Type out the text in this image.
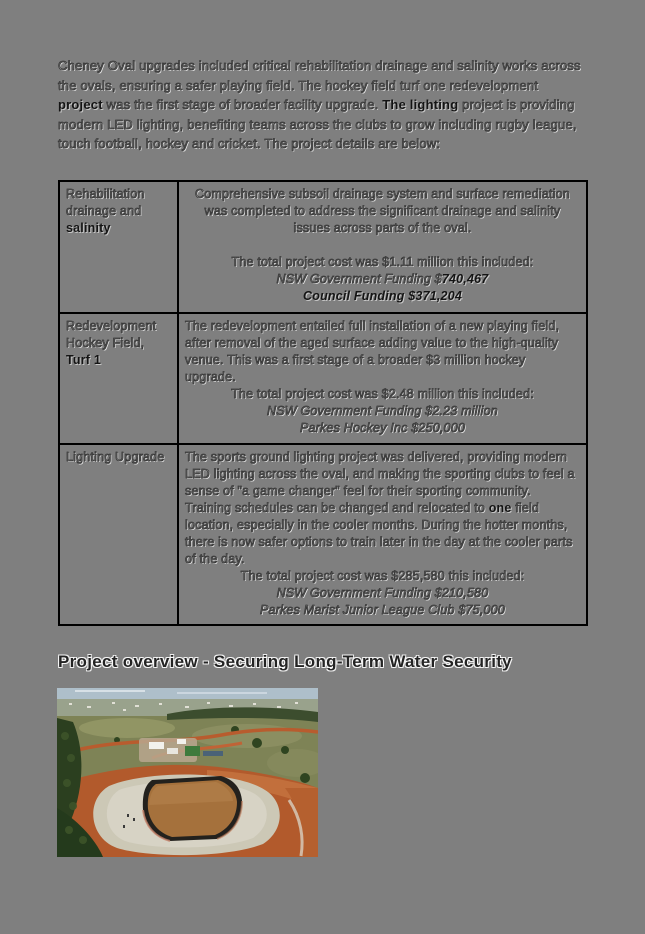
Cheney Oval upgrades included critical rehabilitation drainage and salinity works across the ovals, ensuring a safer playing field. The hockey field turf one redevelopment project was the first stage of broader facility upgrade. The lighting project is providing modern LED lighting, benefiting teams across the clubs to grow including rugby league, touch football, hockey and cricket. The project details are below:

Rehabilitation drainage and salinity	Comprehensive subsoil drainage system and surface remediation was completed to address the significant drainage and salinity issues across parts of the oval.

The total project cost was $1.11 million this included:

NSW Government Funding $740,467

Council Funding $371,204

Redevelopment Hockey Field, Turf 1	The redevelopment entailed full installation of a new playing field, after removal of the aged surface adding value to the high-quality venue. This was a first stage of a broader $3 million hockey upgrade.

The total project cost was $2.48 million this included:

NSW Government Funding $2.23 million

Parkes Hockey Inc $250,000

Lighting Upgrade	The sports ground lighting project was delivered, providing modern LED lighting across the oval, and making the sporting clubs to feel a sense of "a game changer" feel for their sporting community. Training schedules can be changed and relocated to one field location, especially in the cooler months. During the hotter months, there is now safer options to train later in the day at the cooler parts of the day.

The total project cost was $285,580 this included:

NSW Government Funding $210,580

Parkes Marist Junior League Club $75,000

Project overview - Securing Long-Term Water Security
